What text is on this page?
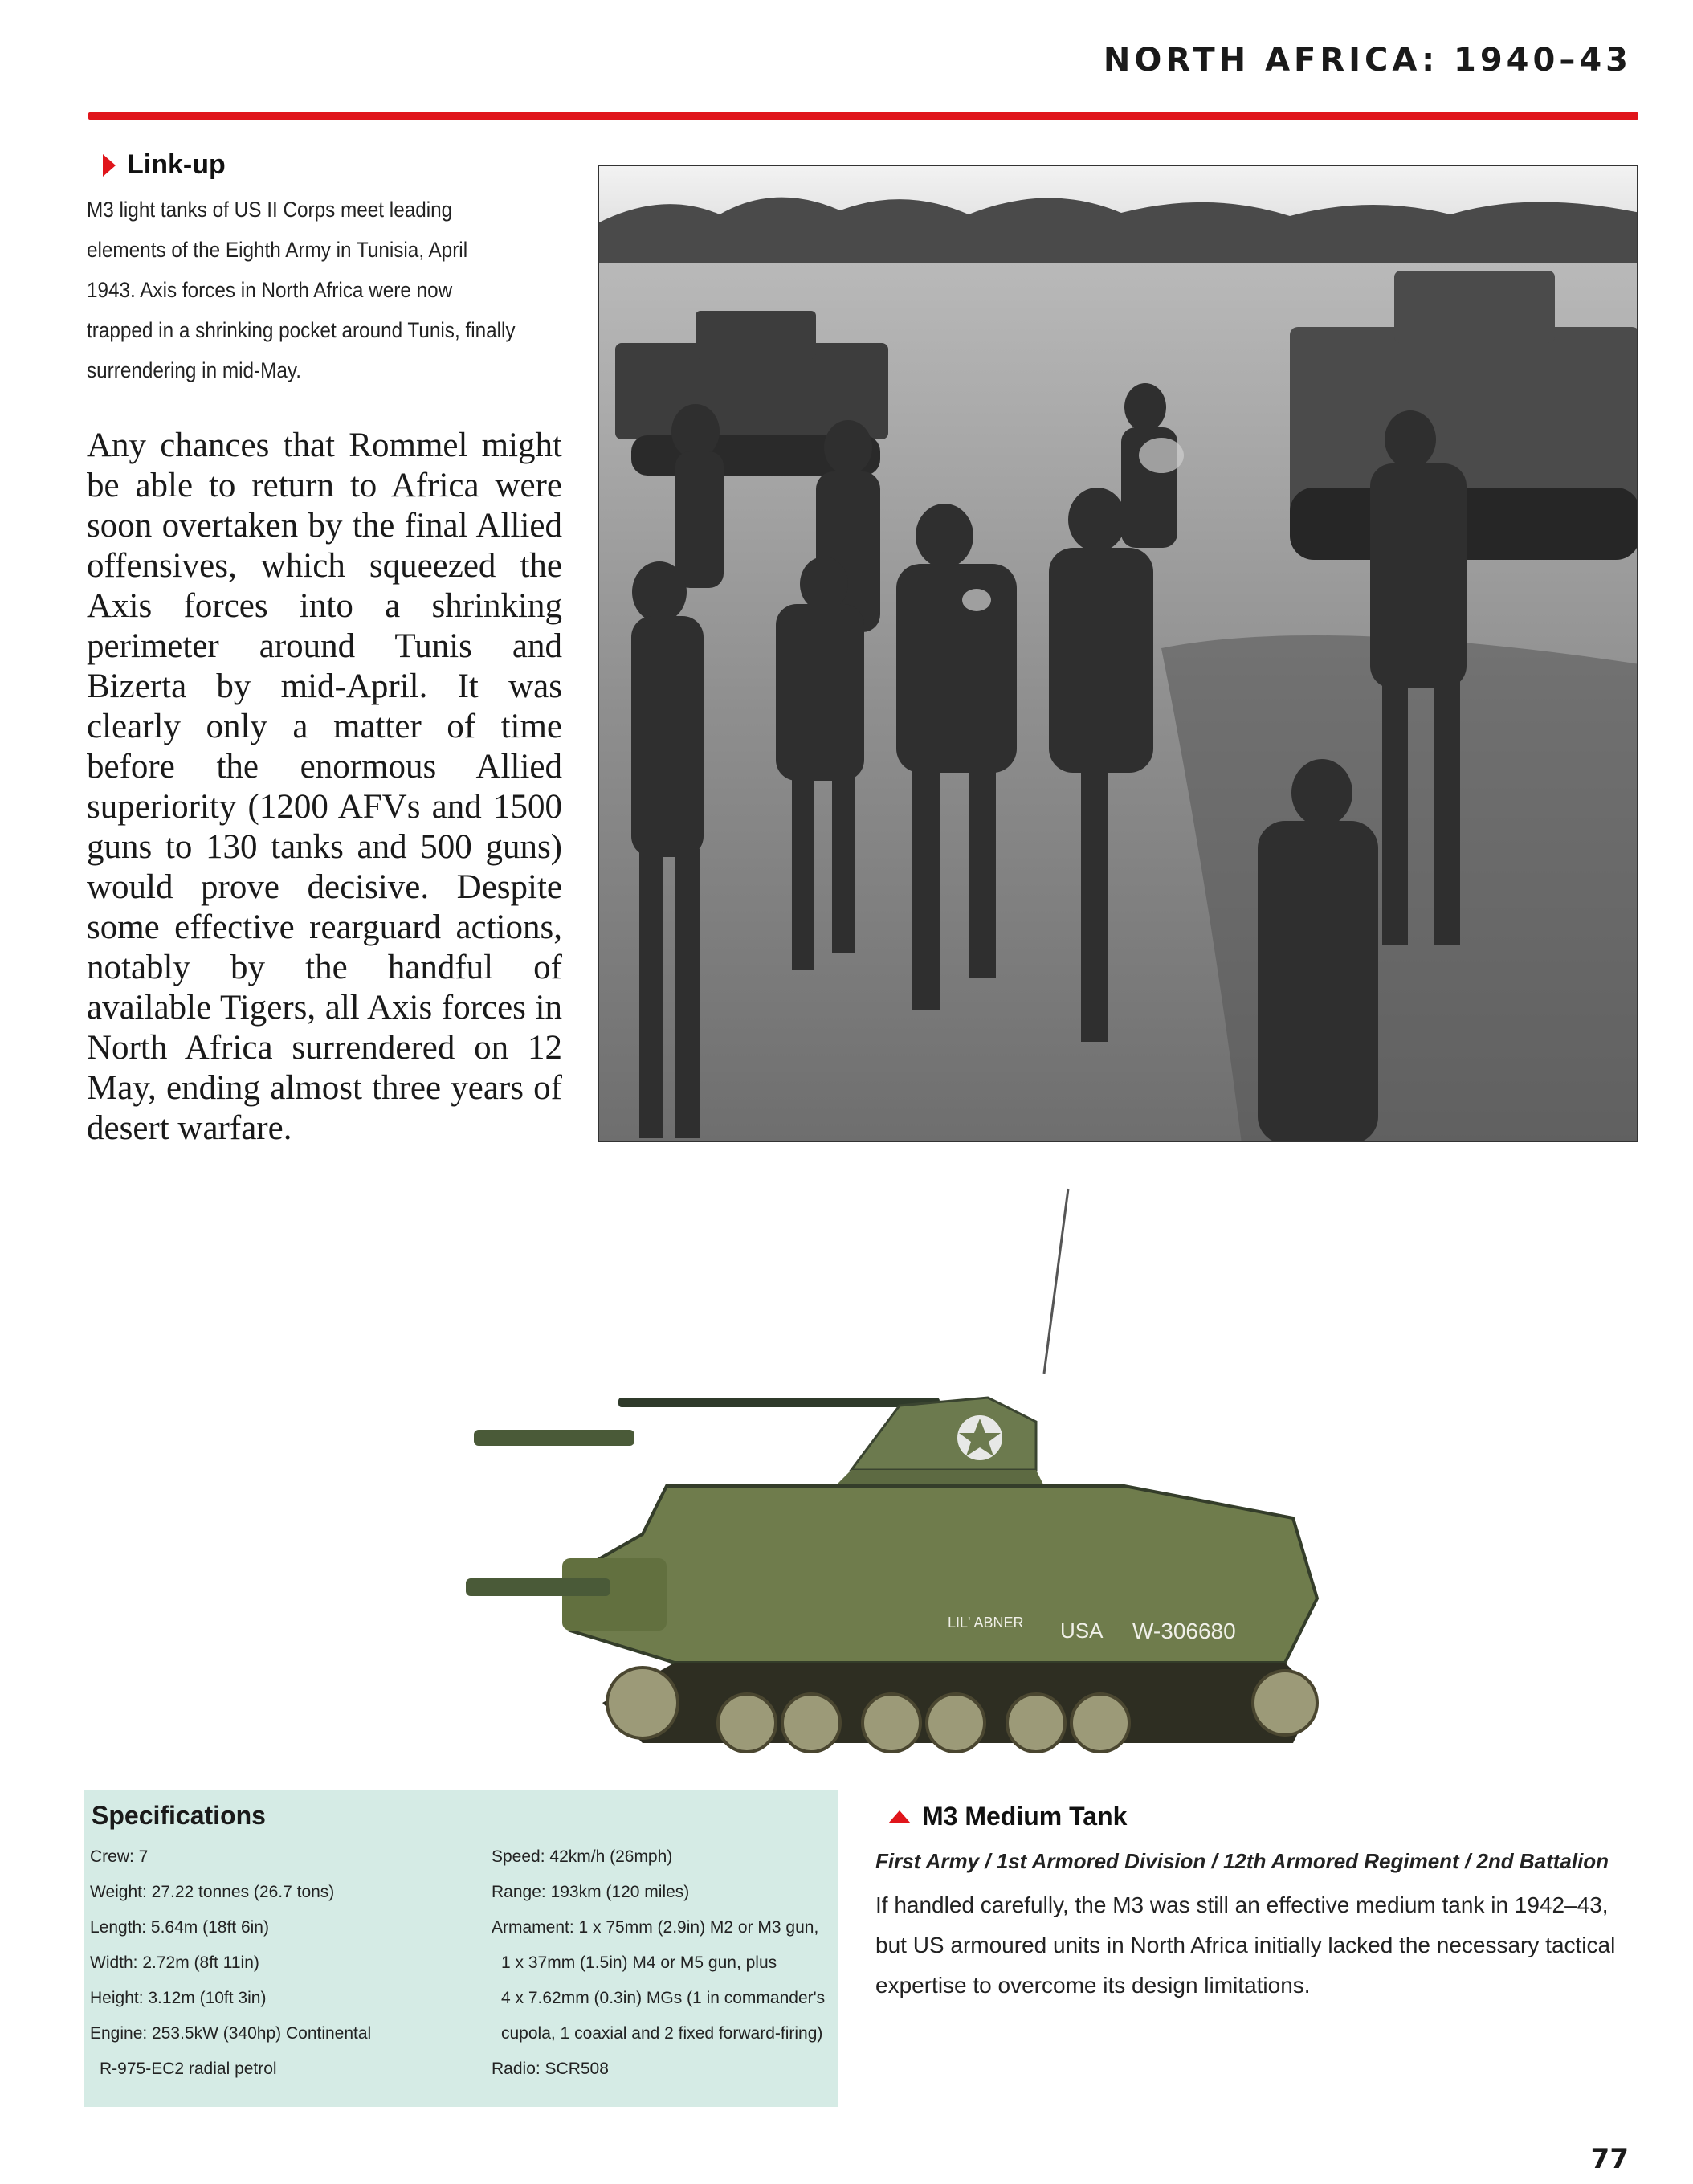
NORTH AFRICA: 1940–43
Link-up
M3 light tanks of US II Corps meet leading elements of the Eighth Army in Tunisia, April 1943. Axis forces in North Africa were now trapped in a shrinking pocket around Tunis, finally surrendering in mid-May.
Any chances that Rommel might be able to return to Africa were soon overtaken by the final Allied offensives, which squeezed the Axis forces into a shrinking perimeter around Tunis and Bizerta by mid-April. It was clearly only a matter of time before the enormous Allied superiority (1200 AFVs and 1500 guns to 130 tanks and 500 guns) would prove decisive. Despite some effective rearguard actions, notably by the handful of available Tigers, all Axis forces in North Africa surrendered on 12 May, ending almost three years of desert warfare.
LIL' ABNER USA W-306680
Specifications
Crew: 7
Weight: 27.22 tonnes (26.7 tons)
Length: 5.64m (18ft 6in)
Width: 2.72m (8ft 11in)
Height: 3.12m (10ft 3in)
Engine: 253.5kW (340hp) Continental
R-975-EC2 radial petrol
Speed: 42km/h (26mph)
Range: 193km (120 miles)
Armament: 1 x 75mm (2.9in) M2 or M3 gun,
1 x 37mm (1.5in) M4 or M5 gun, plus
4 x 7.62mm (0.3in) MGs (1 in commander's
cupola, 1 coaxial and 2 fixed forward-firing)
Radio: SCR508
M3 Medium Tank
First Army / 1st Armored Division / 12th Armored Regiment / 2nd Battalion
If handled carefully, the M3 was still an effective medium tank in 1942–43, but US armoured units in North Africa initially lacked the necessary tactical expertise to overcome its design limitations.
77
